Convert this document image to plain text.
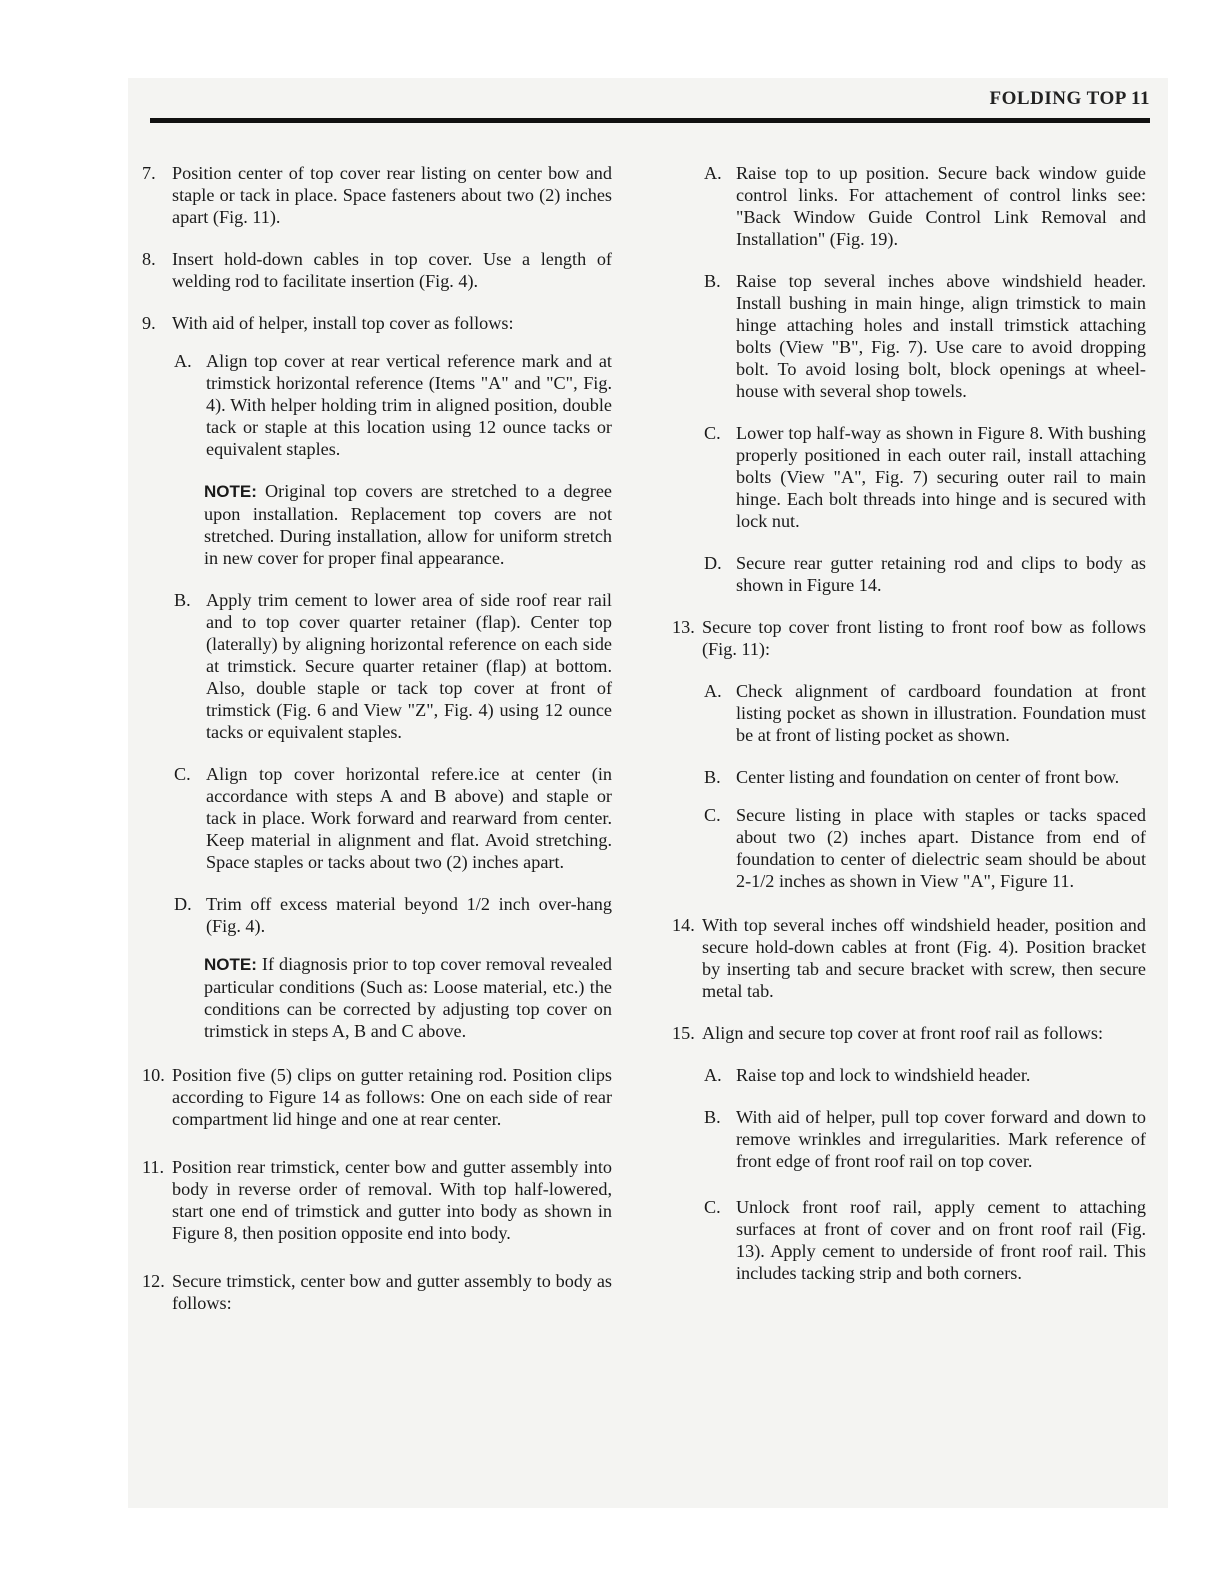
FOLDING TOP 11
7. Position center of top cover rear listing on center bow and staple or tack in place. Space fasteners about two (2) inches apart (Fig. 11).
8. Insert hold-down cables in top cover. Use a length of welding rod to facilitate insertion (Fig. 4).
9. With aid of helper, install top cover as follows:
A. Align top cover at rear vertical reference mark and at trimstick horizontal reference (Items "A" and "C", Fig. 4). With helper holding trim in aligned position, double tack or staple at this location using 12 ounce tacks or equivalent staples.
NOTE: Original top covers are stretched to a degree upon installation. Replacement top covers are not stretched. During installation, allow for uniform stretch in new cover for proper final appearance.
B. Apply trim cement to lower area of side roof rear rail and to top cover quarter retainer (flap). Center top (laterally) by aligning horizontal reference on each side at trimstick. Secure quarter retainer (flap) at bottom. Also, double staple or tack top cover at front of trimstick (Fig. 6 and View "Z", Fig. 4) using 12 ounce tacks or equivalent staples.
C. Align top cover horizontal refere.ice at center (in accordance with steps A and B above) and staple or tack in place. Work forward and rearward from center. Keep material in alignment and flat. Avoid stretching. Space staples or tacks about two (2) inches apart.
D. Trim off excess material beyond 1/2 inch over-hang (Fig. 4).
NOTE: If diagnosis prior to top cover removal revealed particular conditions (Such as: Loose material, etc.) the conditions can be corrected by adjusting top cover on trimstick in steps A, B and C above.
10. Position five (5) clips on gutter retaining rod. Position clips according to Figure 14 as follows: One on each side of rear compartment lid hinge and one at rear center.
11. Position rear trimstick, center bow and gutter assembly into body in reverse order of removal. With top half-lowered, start one end of trimstick and gutter into body as shown in Figure 8, then position opposite end into body.
12. Secure trimstick, center bow and gutter assembly to body as follows:
A. Raise top to up position. Secure back window guide control links. For attachement of control links see: "Back Window Guide Control Link Removal and Installation" (Fig. 19).
B. Raise top several inches above windshield header. Install bushing in main hinge, align trimstick to main hinge attaching holes and install trimstick attaching bolts (View "B", Fig. 7). Use care to avoid dropping bolt. To avoid losing bolt, block openings at wheel-house with several shop towels.
C. Lower top half-way as shown in Figure 8. With bushing properly positioned in each outer rail, install attaching bolts (View "A", Fig. 7) securing outer rail to main hinge. Each bolt threads into hinge and is secured with lock nut.
D. Secure rear gutter retaining rod and clips to body as shown in Figure 14.
13. Secure top cover front listing to front roof bow as follows (Fig. 11):
A. Check alignment of cardboard foundation at front listing pocket as shown in illustration. Foundation must be at front of listing pocket as shown.
B. Center listing and foundation on center of front bow.
C. Secure listing in place with staples or tacks spaced about two (2) inches apart. Distance from end of foundation to center of dielectric seam should be about 2-1/2 inches as shown in View "A", Figure 11.
14. With top several inches off windshield header, position and secure hold-down cables at front (Fig. 4). Position bracket by inserting tab and secure bracket with screw, then secure metal tab.
15. Align and secure top cover at front roof rail as follows:
A. Raise top and lock to windshield header.
B. With aid of helper, pull top cover forward and down to remove wrinkles and irregularities. Mark reference of front edge of front roof rail on top cover.
C. Unlock front roof rail, apply cement to attaching surfaces at front of cover and on front roof rail (Fig. 13). Apply cement to underside of front roof rail. This includes tacking strip and both corners.
